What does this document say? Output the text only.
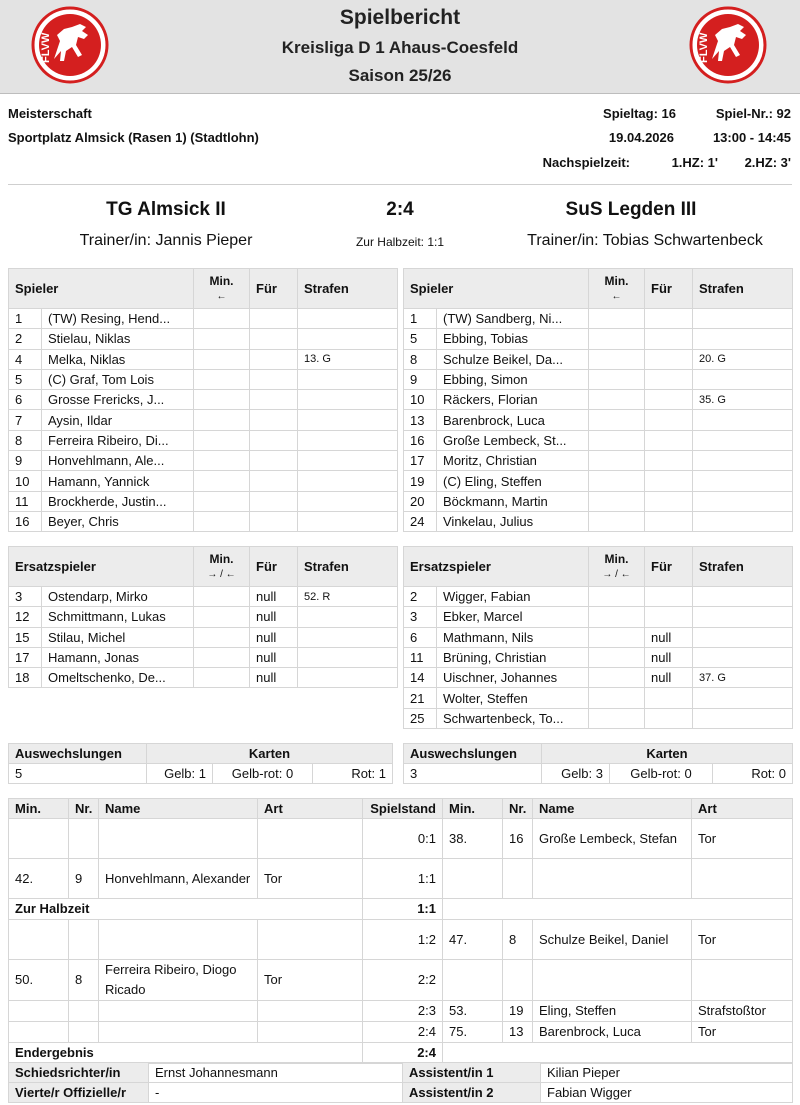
FLVW
Spielbericht
Kreisliga D 1 Ahaus-Coesfeld
Saison 25/26
FLVW
Meisterschaft
Sportplatz Almsick (Rasen 1) (Stadtlohn)
Spieltag: 16	Spiel-Nr.: 92
19.04.2026	13:00 - 14:45
Nachspielzeit:	1.HZ: 1' 2.HZ: 3'
TG Almsick II	2:4	SuS Legden III
Trainer/in: Jannis Pieper	Zur Halbzeit: 1:1	Trainer/in: Tobias Schwartenbeck
Spieler		Min.
←	Für	Strafen
1	(TW) Resing, Hend...			
2	Stielau, Niklas			
4	Melka, Niklas			13. G
5	(C) Graf, Tom Lois			
6	Grosse Frericks, J...			
7	Aysin, Ildar			
8	Ferreira Ribeiro, Di...			
9	Honvehlmann, Ale...			
10	Hamann, Yannick			
11	Brockherde, Justin...			
16	Beyer, Chris			
Spieler		Min.
←	Für	Strafen
1	(TW) Sandberg, Ni...			
5	Ebbing, Tobias			
8	Schulze Beikel, Da...			20. G
9	Ebbing, Simon			
10	Räckers, Florian			35. G
13	Barenbrock, Luca			
16	Große Lembeck, St...			
17	Moritz, Christian			
19	(C) Eling, Steffen			
20	Böckmann, Martin			
24	Vinkelau, Julius			
Ersatzspieler		Min.
→ / ←	Für	Strafen
3	Ostendarp, Mirko		null	52. R
12	Schmittmann, Lukas		null	
15	Stilau, Michel		null	
17	Hamann, Jonas		null	
18	Omeltschenko, De...		null	
Ersatzspieler		Min.
→ / ←	Für	Strafen
2	Wigger, Fabian			
3	Ebker, Marcel			
6	Mathmann, Nils		null	
11	Brüning, Christian		null	
14	Uischner, Johannes		null	37. G
21	Wolter, Steffen			
25	Schwartenbeck, To...			
Auswechslungen	Karten		
5	Gelb: 1	Gelb-rot: 0	Rot: 1
Auswechslungen	Karten		
3	Gelb: 3	Gelb-rot: 0	Rot: 0
Min.	Nr.	Name	Art	Spielstand	Min.	Nr.	Name	Art
				0:1	38.	16	Große Lembeck, Stefan	Tor
42.	9	Honvehlmann, Alexander	Tor	1:1				
Zur Halbzeit				1:1				
				1:2	47.	8	Schulze Beikel, Daniel	Tor
50.	8	Ferreira Ribeiro, Diogo Ricado	Tor	2:2				
				2:3	53.	19	Eling, Steffen	Strafstoßtor
				2:4	75.	13	Barenbrock, Luca	Tor
Endergebnis				2:4				
Schiedsrichter/in	Ernst Johannesmann	Assistent/in 1	Kilian Pieper
Vierte/r Offizielle/r	-	Assistent/in 2	Fabian Wigger
